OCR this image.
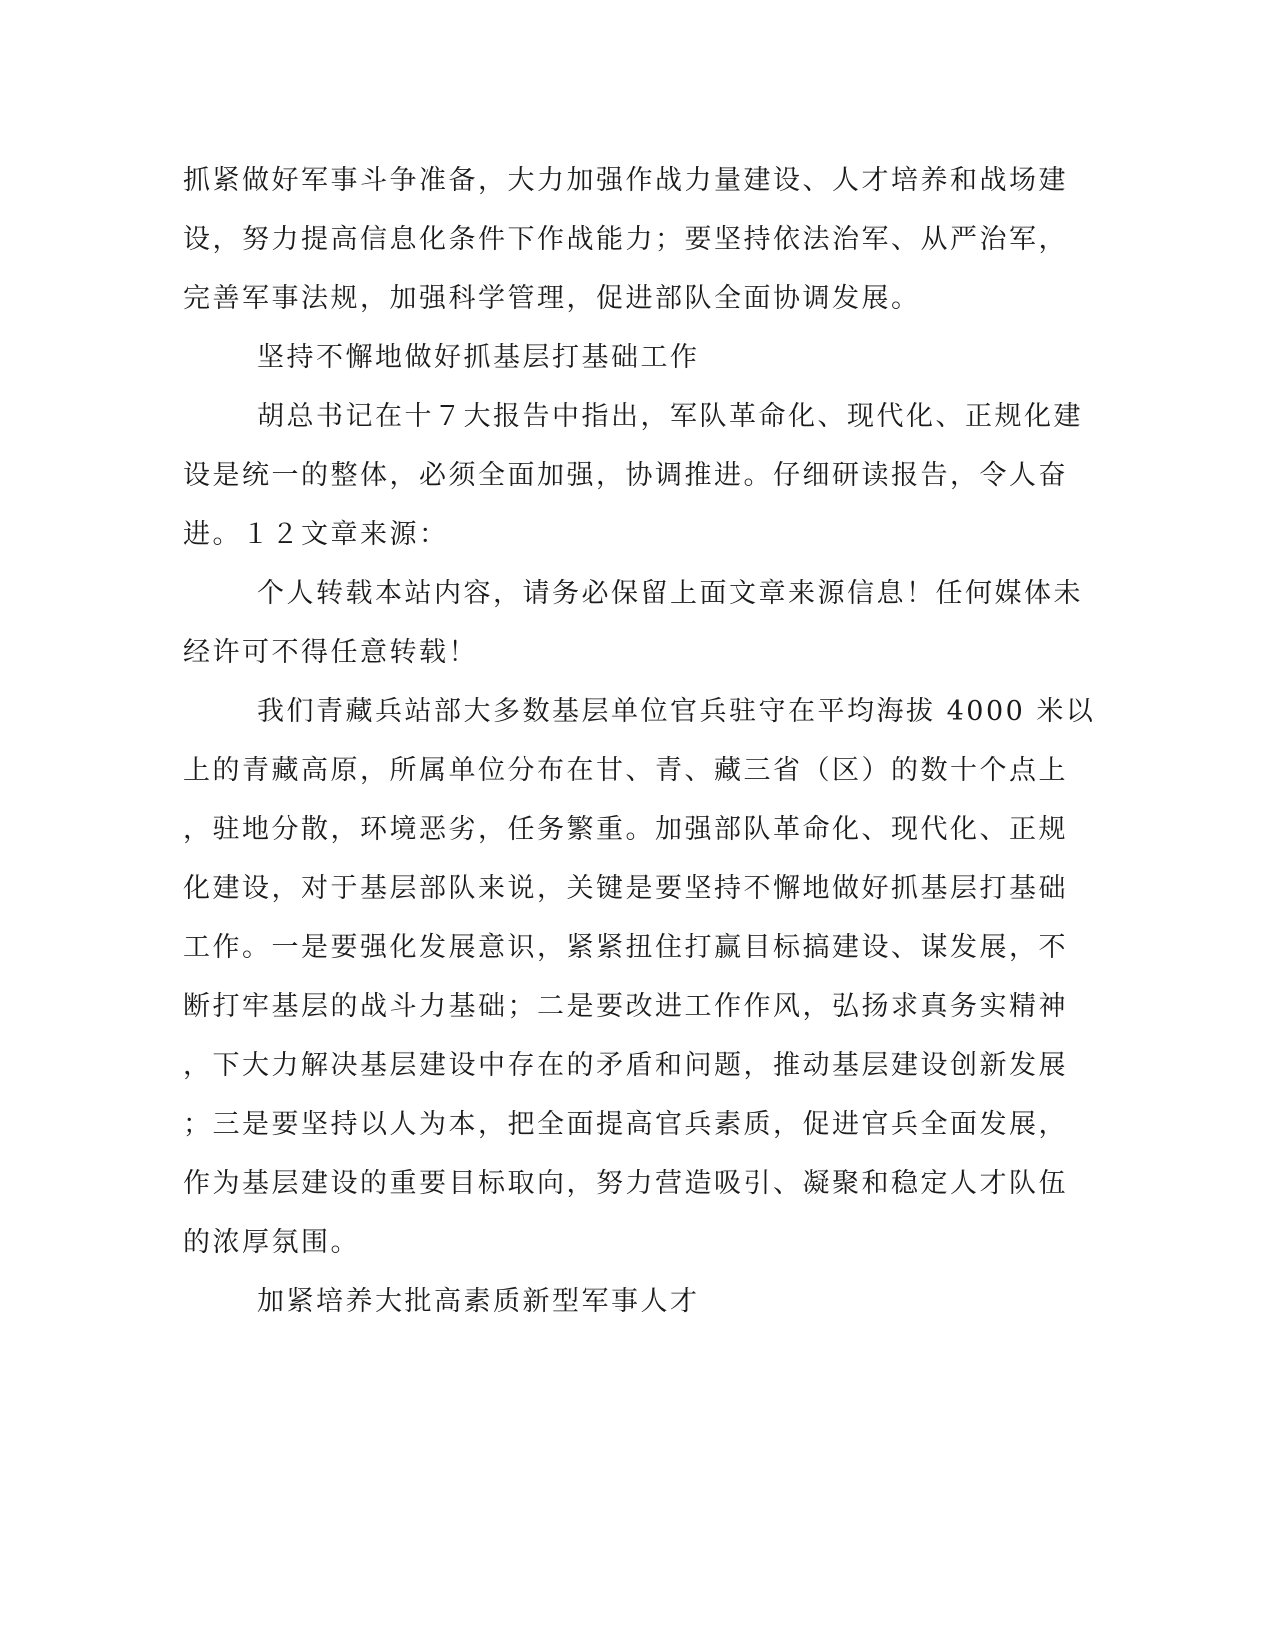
抓紧做好军事斗争准备，大力加强作战力量建设、人才培养和战场建
设，努力提高信息化条件下作战能力；要坚持依法治军、从严治军，
完善军事法规，加强科学管理，促进部队全面协调发展。
坚持不懈地做好抓基层打基础工作
胡总书记在十７大报告中指出，军队革命化、现代化、正规化建
设是统一的整体，必须全面加强，协调推进。仔细研读报告，令人奋
进。１２文章来源：
个人转载本站内容，请务必保留上面文章来源信息！任何媒体未
经许可不得任意转载！
我们青藏兵站部大多数基层单位官兵驻守在平均海拔 4000 米以
上的青藏高原，所属单位分布在甘、青、藏三省（区）的数十个点上
，驻地分散，环境恶劣，任务繁重。加强部队革命化、现代化、正规
化建设，对于基层部队来说，关键是要坚持不懈地做好抓基层打基础
工作。一是要强化发展意识，紧紧扭住打赢目标搞建设、谋发展，不
断打牢基层的战斗力基础；二是要改进工作作风，弘扬求真务实精神
，下大力解决基层建设中存在的矛盾和问题，推动基层建设创新发展
；三是要坚持以人为本，把全面提高官兵素质，促进官兵全面发展，
作为基层建设的重要目标取向，努力营造吸引、凝聚和稳定人才队伍
的浓厚氛围。
加紧培养大批高素质新型军事人才
